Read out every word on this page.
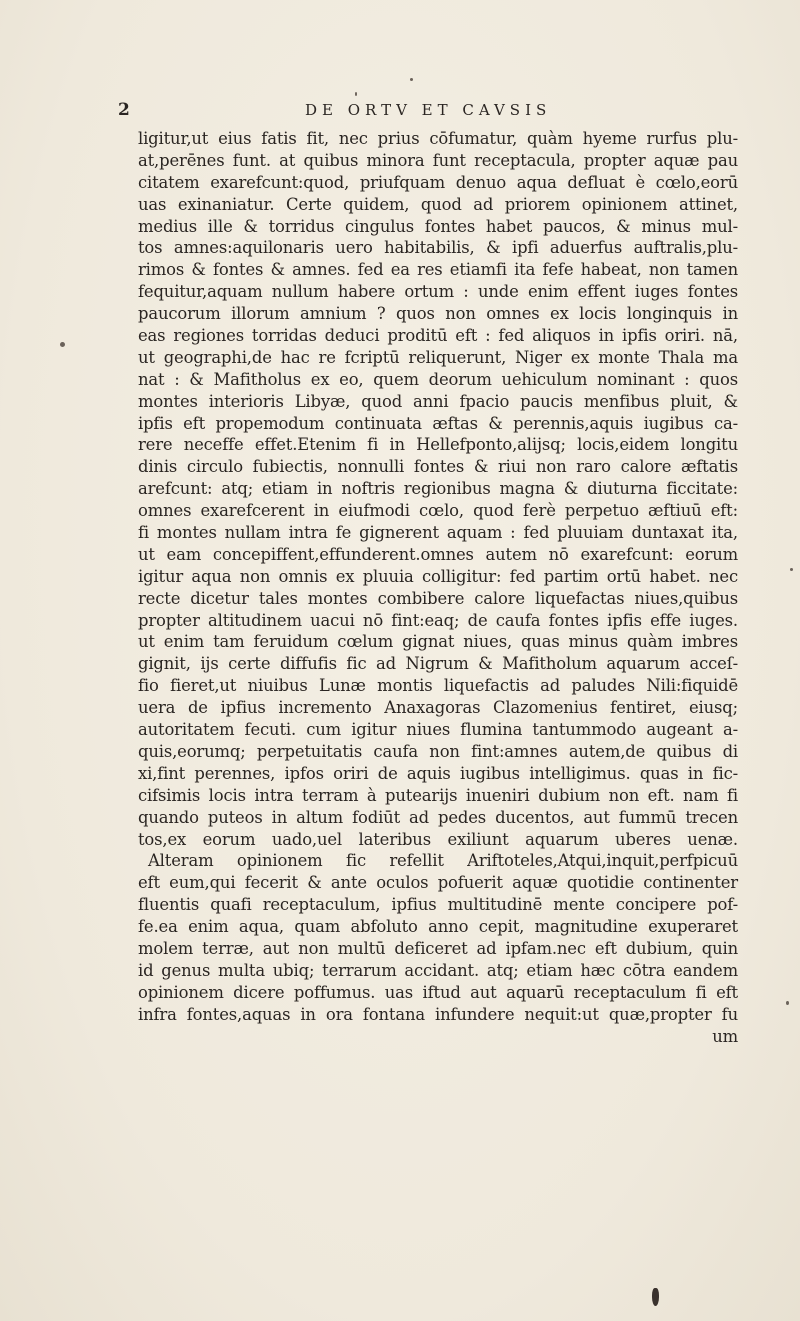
2	DE ORTV ET CAVSIS
ligitur,ut eius fatis fit, nec prius cōfumatur, quàm hyeme rurfus plu-
at,perēnes funt. at quibus minora funt receptacula, propter aquæ pau
citatem exarefcunt:quod, priufquam denuo aqua defluat è cœlo,eorū
uas exinaniatur. Certe quidem, quod ad priorem opinionem attinet,
medius ille & torridus cingulus fontes habet paucos, & minus mul-
tos amnes:aquilonaris uero habitabilis, & ipfi aduerfus auftralis,plu-
rimos & fontes & amnes. fed ea res etiamfi ita fefe habeat, non tamen
fequitur,aquam nullum habere ortum : unde enim effent iuges fontes
paucorum illorum amnium ? quos non omnes ex locis longinquis in
eas regiones torridas deduci proditū eft : fed aliquos in ipfis oriri. nā,
ut geographi,de hac re fcriptū reliquerunt, Niger ex monte Thala ma
nat : & Mafitholus ex eo, quem deorum uehiculum nominant : quos
montes interioris Libyæ, quod anni fpacio paucis menfibus pluit, &
ipfis eft propemodum continuata æftas & perennis,aquis iugibus ca-
rere neceffe effet.Etenim fi in Hellefponto,alijsq; locis,eidem longitu
dinis circulo fubiectis, nonnulli fontes & riui non raro calore æftatis
arefcunt: atq; etiam in noftris regionibus magna & diuturna ficcitate:
omnes exarefcerent in eiufmodi cœlo, quod ferè perpetuo æftiuū eft:
fi montes nullam intra fe gignerent aquam : fed pluuiam duntaxat ita,
ut eam concepiffent,effunderent.omnes autem nō exarefcunt: eorum
igitur aqua non omnis ex pluuia colligitur: fed partim ortū habet. nec
recte dicetur tales montes combibere calore liquefactas niues,quibus
propter altitudinem uacui nō fint:eaq; de caufa fontes ipfis effe iuges.
ut enim tam feruidum cœlum gignat niues, quas minus quàm imbres
gignit, ijs certe diffufis fic ad Nigrum & Mafitholum aquarum acceſ-
fio fieret,ut niuibus Lunæ montis liquefactis ad paludes Nili:fiquidē
uera de ipfius incremento Anaxagoras Clazomenius fentiret, eiusq;
autoritatem fecuti. cum igitur niues flumina tantummodo augeant a-
quis,eorumq; perpetuitatis caufa non fint:amnes autem,de quibus di
xi,fint perennes, ipfos oriri de aquis iugibus intelligimus. quas in fic-
cifsimis locis intra terram à putearijs inueniri dubium non eft. nam fi
quando puteos in altum fodiūt ad pedes ducentos, aut fummū trecen
tos,ex eorum uado,uel lateribus exiliunt aquarum uberes uenæ.
Alteram opinionem fic refellit Ariftoteles,Atqui,inquit,perfpicuū
eft eum,qui fecerit & ante oculos pofuerit aquæ quotidie continenter
fluentis quafi receptaculum, ipfius multitudinē mente concipere pof-
fe.ea enim aqua, quam abfoluto anno cepit, magnitudine exuperaret
molem terræ, aut non multū deficeret ad ipfam.nec eft dubium, quin
id genus multa ubiq; terrarum accidant. atq; etiam hæc cōtra eandem
opinionem dicere poffumus. uas iftud aut aquarū receptaculum fi eft
infra fontes,aquas in ora fontana infundere nequit:ut quæ,propter fu
um
